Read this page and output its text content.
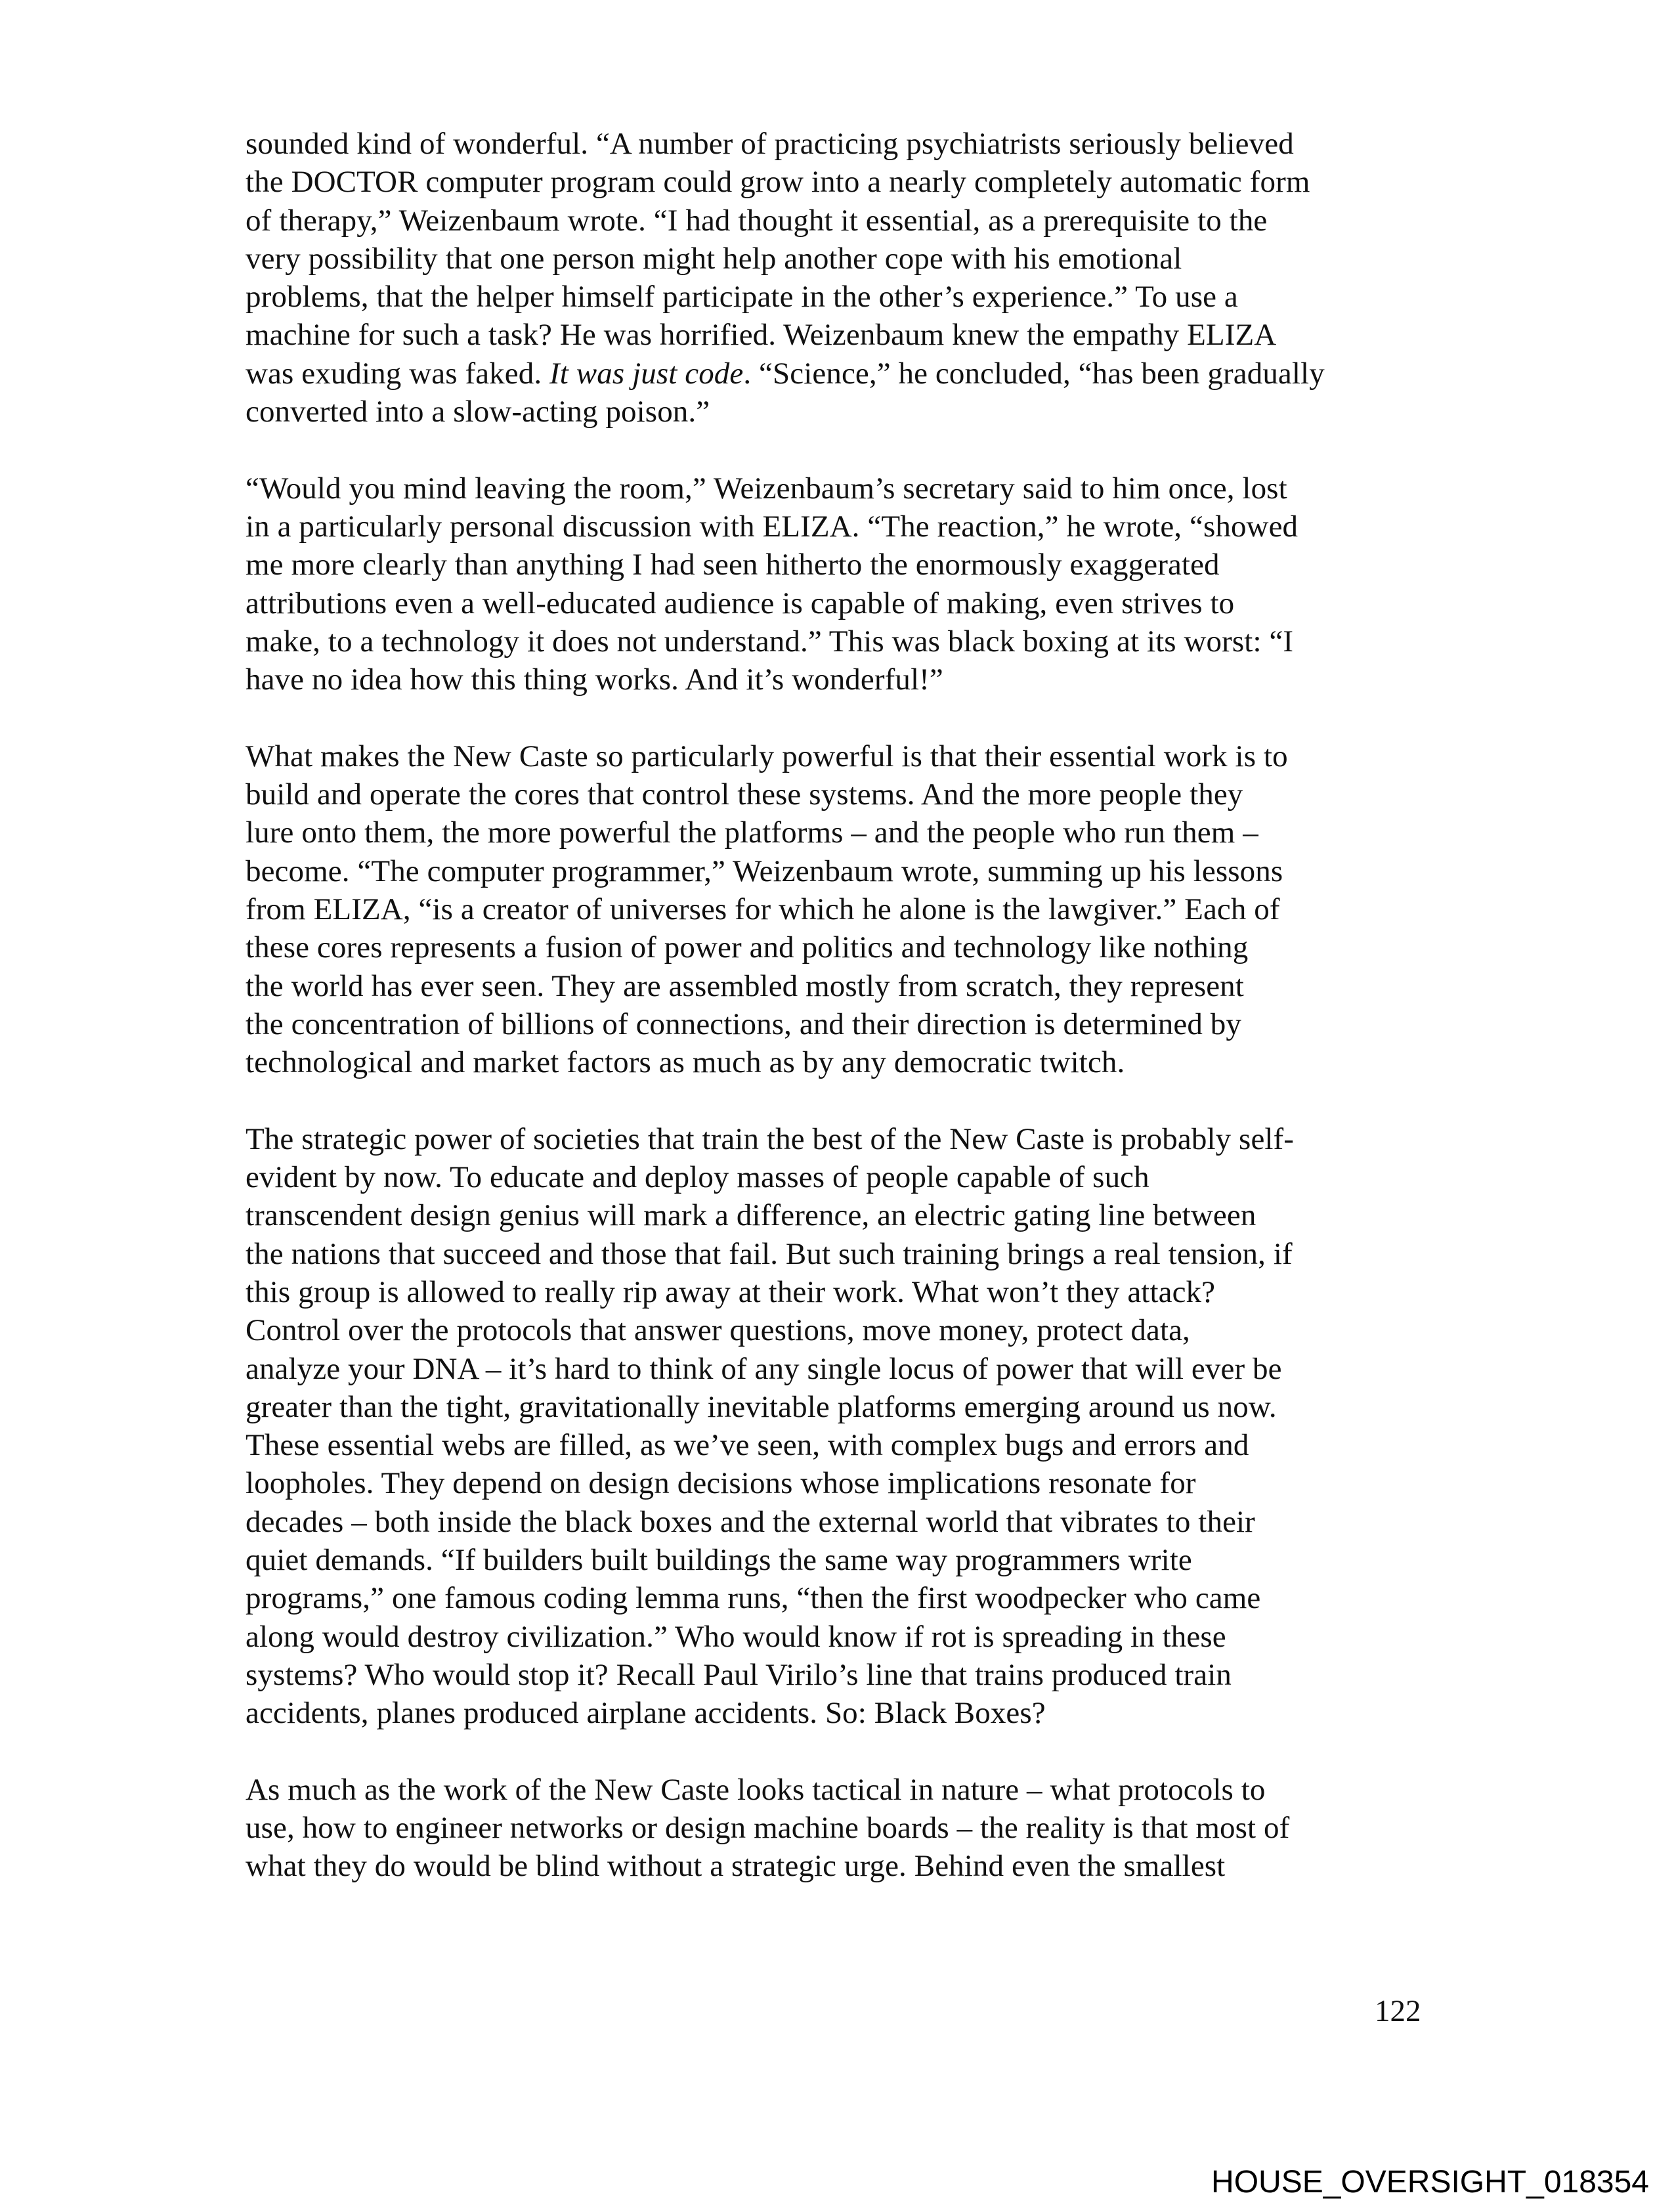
sounded kind of wonderful. “A number of practicing psychiatrists seriously believed
the DOCTOR computer program could grow into a nearly completely automatic form
of therapy,” Weizenbaum wrote. “I had thought it essential, as a prerequisite to the
very possibility that one person might help another cope with his emotional
problems, that the helper himself participate in the other’s experience.” To use a
machine for such a task? He was horrified. Weizenbaum knew the empathy ELIZA
was exuding was faked. It was just code. “Science,” he concluded, “has been gradually
converted into a slow-acting poison.”

“Would you mind leaving the room,” Weizenbaum’s secretary said to him once, lost
in a particularly personal discussion with ELIZA. “The reaction,” he wrote, “showed
me more clearly than anything I had seen hitherto the enormously exaggerated
attributions even a well-educated audience is capable of making, even strives to
make, to a technology it does not understand.” This was black boxing at its worst: “I
have no idea how this thing works. And it’s wonderful!”

What makes the New Caste so particularly powerful is that their essential work is to
build and operate the cores that control these systems. And the more people they
lure onto them, the more powerful the platforms – and the people who run them –
become. “The computer programmer,” Weizenbaum wrote, summing up his lessons
from ELIZA, “is a creator of universes for which he alone is the lawgiver.” Each of
these cores represents a fusion of power and politics and technology like nothing
the world has ever seen. They are assembled mostly from scratch, they represent
the concentration of billions of connections, and their direction is determined by
technological and market factors as much as by any democratic twitch.

The strategic power of societies that train the best of the New Caste is probably self-
evident by now. To educate and deploy masses of people capable of such
transcendent design genius will mark a difference, an electric gating line between
the nations that succeed and those that fail. But such training brings a real tension, if
this group is allowed to really rip away at their work. What won’t they attack?
Control over the protocols that answer questions, move money, protect data,
analyze your DNA – it’s hard to think of any single locus of power that will ever be
greater than the tight, gravitationally inevitable platforms emerging around us now.
These essential webs are filled, as we’ve seen, with complex bugs and errors and
loopholes. They depend on design decisions whose implications resonate for
decades – both inside the black boxes and the external world that vibrates to their
quiet demands. “If builders built buildings the same way programmers write
programs,” one famous coding lemma runs, “then the first woodpecker who came
along would destroy civilization.” Who would know if rot is spreading in these
systems? Who would stop it? Recall Paul Virilo’s line that trains produced train
accidents, planes produced airplane accidents. So: Black Boxes?

As much as the work of the New Caste looks tactical in nature – what protocols to
use, how to engineer networks or design machine boards – the reality is that most of
what they do would be blind without a strategic urge. Behind even the smallest

122
HOUSE_OVERSIGHT_018354
